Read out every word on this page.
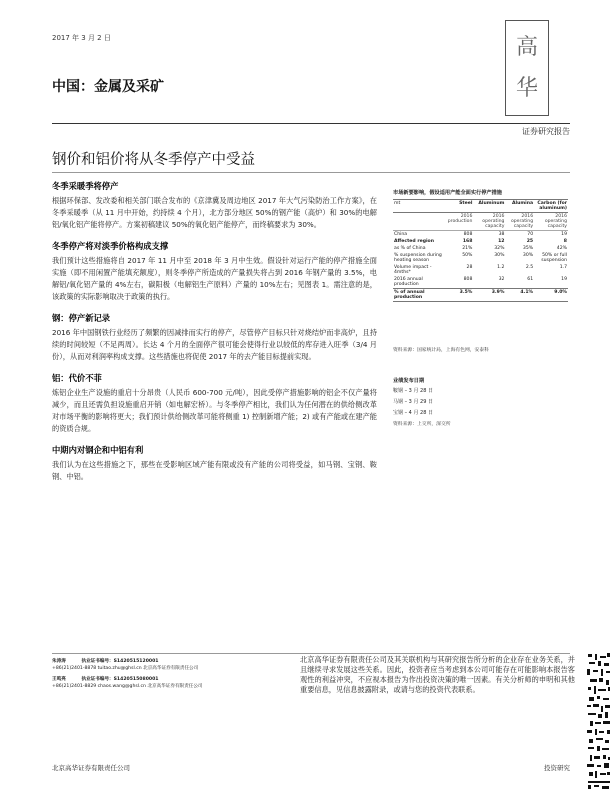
2017 年 3 月 2 日	高
华
中国：金属及采矿
证券研究报告
钢价和铝价将从冬季停产中受益
冬季采暖季将停产
根据环保部、发改委和相关部门联合发布的《京津冀及周边地区 2017 年大气污染防治工作方案》，在冬季采暖季（从 11 月中开始，约持续 4 个月），北方部分地区 50%的钢产能（高炉）和 30%的电解铝/氧化铝产能将停产。方案初稿建议 50%的氧化铝产能停产，而终稿要求为 30%。
冬季停产将对淡季价格构成支撑
我们预计这些措施将自 2017 年 11 月中至 2018 年 3 月中生效。假设针对运行产能的停产措施全面实施（即不用闲置产能填充额度），则冬季停产所造成的产量损失将占到 2016 年钢产量的 3.5%，电解铝/氧化铝产量的 4%左右，碳阳极（电解铝生产原料）产量的 10%左右；见图表 1。需注意的是，该政策的实际影响取决于政策的执行。
钢：停产新记录
2016 年中国钢铁行业经历了频繁的因减排而实行的停产，尽管停产目标只针对烧结炉而非高炉，且持续的时间较短（不足两周）。长达 4 个月的全面停产很可能会使得行业以较低的库存进入旺季（3/4 月份），从而对利润率构成支撑。这些措施也将促使 2017 年的去产能目标提前实现。
铝：代价不菲
炼铝企业生产设施的重启十分昂贵（人民币 600-700 元/吨），因此受停产措施影响的铝企不仅产量将减少，而且还需负担设施重启开销（如电解宏桥）。与冬季停产相比，我们认为任何潜在的供给侧改革对市场平衡的影响将更大；我们预计供给侧改革可能将侧重 1) 控制新增产能；2) 或有产能或在建产能的资质合规。
中期内对钢企和中铝有利
我们认为在这些措施之下，那些在受影响区域产能有限或没有产能的公司将受益，如马钢、宝钢、鞍钢、中铝。
市场新要影响，假设适用产能全面实行停产措施
mt	Steel	Aluminum	Alumina	Carbon (for aluminum)
	2016 production	2016 operating capacity	2016 operating capacity	2016 operating capacity
China	808	38	70	19
Affected region	168	12	25	8
as % of China	21%	32%	35%	42%
% suspension during heating season	50%	30%	30%	50% or full suspension
Volume impact - 4mths*	28	1.2	2.5	1.7
2016 annual production	808	32	61	19
% of annual production	3.5%	3.9%	4.1%	9.0%
资料来源：国家统计局，上海有色网，安泰科
业绩发布日期
鞍钢 – 3 月 28 日
马钢 – 3 月 29 日
宝钢 – 4 月 28 日
资料来源：上交所，深交所
朱涛涛	执业证书编号：S1420515120001
+86(21)2401-8878 tuitao.zhu@ghsl.cn 北京高华证券有限责任公司
王鸣亮	执业证书编号：S1420515080001
+86(21)2401-8829 chaos.wang@ghsl.cn 北京高华证券有限责任公司
北京高华证券有限责任公司及其关联机构与其研究报告所分析的企业存在业务关系，并且继续寻求发展这些关系。因此，投资者应当考虑到本公司可能存在可能影响本报告客观性的利益冲突，不应视本报告为作出投资决策的唯一因素。有关分析师的申明和其他重要信息，见信息披露附录，或请与您的投资代表联系。
北京高华证券有限责任公司	投资研究
